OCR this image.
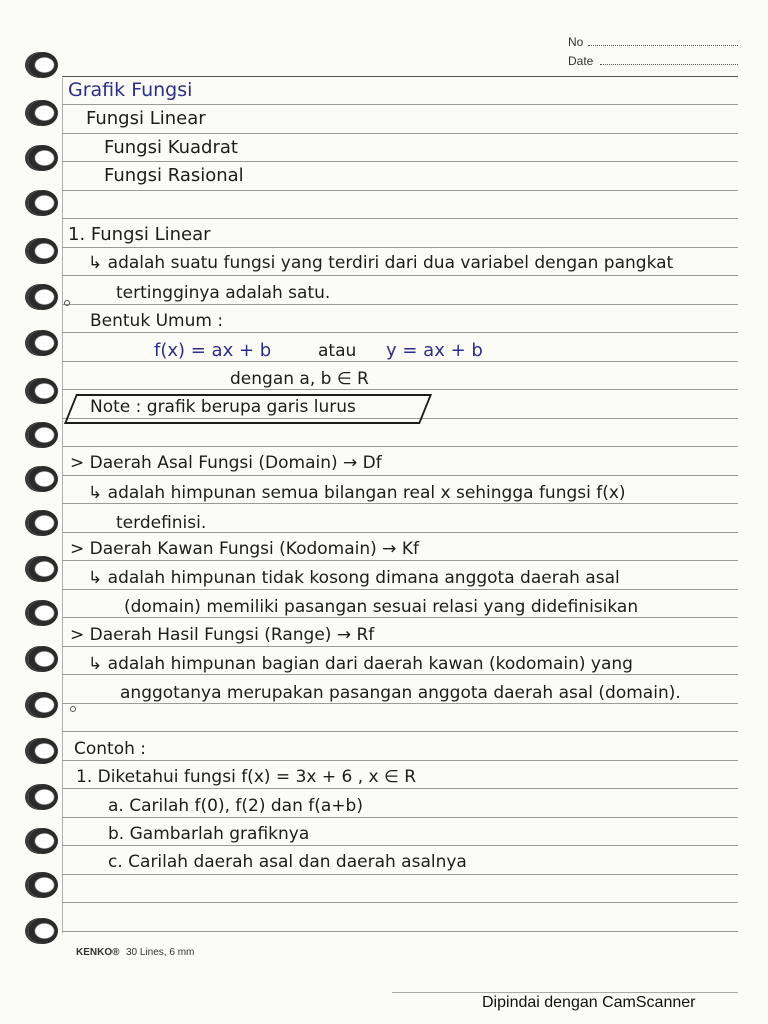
No
Date
Grafik Fungsi
Fungsi Linear
Fungsi Kuadrat
Fungsi Rasional
1. Fungsi Linear
↳ adalah suatu fungsi yang terdiri dari dua variabel dengan pangkat
tertingginya adalah satu.
Bentuk Umum :
f(x) = ax + b	atau y = ax + b
dengan a, b ∈ R
Note : grafik berupa garis lurus
> Daerah Asal Fungsi (Domain) → Df
↳ adalah himpunan semua bilangan real x sehingga fungsi f(x)
terdefinisi.
> Daerah Kawan Fungsi (Kodomain) → Kf
↳ adalah himpunan tidak kosong dimana anggota daerah asal
(domain) memiliki pasangan sesuai relasi yang didefinisikan
> Daerah Hasil Fungsi (Range) → Rf
↳ adalah himpunan bagian dari daerah kawan (kodomain) yang
anggotanya merupakan pasangan anggota daerah asal (domain).
Contoh :
1. Diketahui fungsi f(x) = 3x + 6 , x ∈ R
a. Carilah f(0), f(2) dan f(a+b)
b. Gambarlah grafiknya
c. Carilah daerah asal dan daerah asalnya
KENKO® 30 Lines, 6 mm
Dipindai dengan CamScanner
